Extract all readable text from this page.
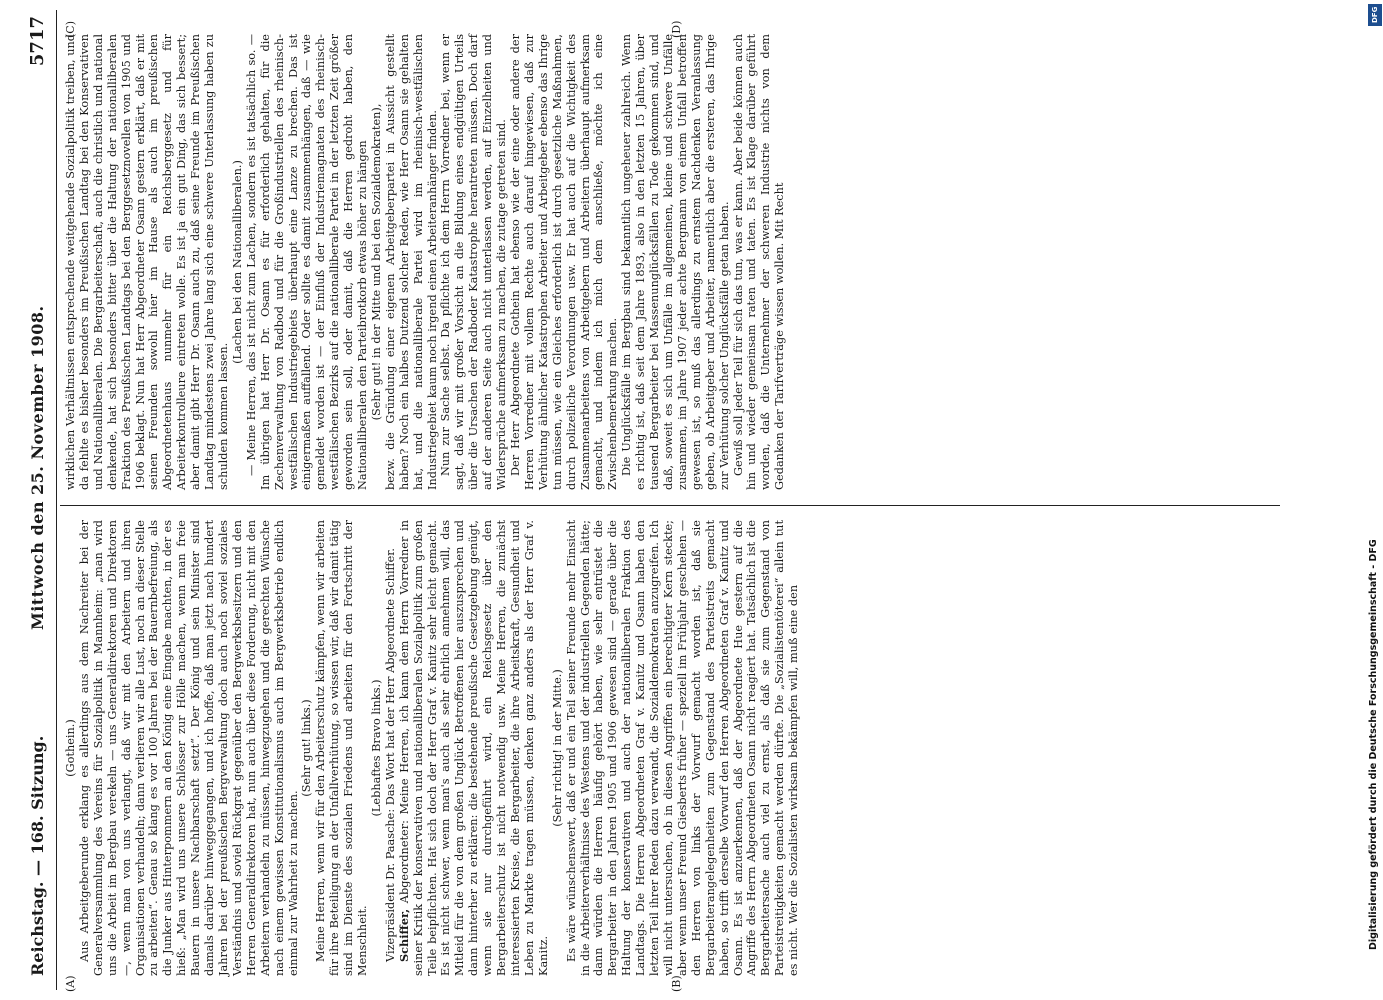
Reichstag. — 168. Sitzung.
Mittwoch den 25. November 1908.
5717
(A)	(B)
(C)	(D)

(Gothein.) Aus Arbeitgeberunde erklang es allerdings aus dem Nachreiter bei der Generalversammlung des Vereins für Sozialpolitik in Mannheim: „man wird uns die Arbeit im Bergbau verekeln — uns Generaldirektoren und Direktoren —, wenn man von uns verlangt, daß wir mit den Arbeitern und ihren Organisationen verhandeln; dann verlieren wir alle Lust, noch an dieser Stelle zu arbeiten“. Genau so klang es vor 100 Jahren bei der Bauernbefreiung, als die Junker aus Hinterpommern an den König eine Eingabe machten, in der es hieß: „Man wird uns unsere Schlösser zur Hölle machen, wenn man freie Bauern in unsere Nachbarschaft setzt“. Der König und sein Minister sind damals darüber hinweggegangen, und ich hoffe, daß man jetzt nach hundert Jahren bei der preußischen Bergverwaltung doch auch noch soviel soziales Verständnis und soviel Rückgrat gegenüber den Bergwerksbesitzern und den Herren Generaldirektoren hat, nun auch über diese Forderung, nicht mit den Arbeitern verhandeln zu müssen, hinwegzugehen und die gerechten Wünsche nach einem gewissen Konstitutionalismus auch im Bergwerksbetrieb endlich einmal zur Wahrheit zu machen.

(Sehr gut! links.) Meine Herren, wenn wir für den Arbeiterschutz kämpfen, wenn wir arbeiten für ihre Beteiligung an der Unfallverhütung, so wissen wir, daß wir damit tätig sind im Dienste des sozialen Friedens und arbeiten für den Fortschritt der Menschheit.

(Lebhaftes Bravo links.) Vizepräsident Dr. Paasche: Das Wort hat der Herr Abgeordnete Schiffer. Schiffer, Abgeordneter: Meine Herren, ich kann dem Herrn Vorredner in seiner Kritik der konservativen und nationalliberalen Sozialpolitik zum großen Teile beipflichten. Hat sich doch der Herr Graf v. Kanitz sehr leicht gemacht. Es ist nicht schwer, wenn man's auch als sehr ehrlich annehmen will, das Mitleid für die von dem großen Unglück Betroffenen hier auszusprechen und dann hinterher zu erklären: die bestehende preußische Gesetzgebung genügt, wenn sie nur durchgeführt wird, ein Reichsgesetz über den Bergarbeiterschutz ist nicht notwendig usw. Meine Herren, die zunächst interessierten Kreise, die Bergarbeiter, die ihre Arbeitskraft, Gesundheit und Leben zu Markte tragen müssen, denken ganz anders als der Herr Graf v. Kanitz.

(Sehr richtig! in der Mitte.) Es wäre wünschenswert, daß er und ein Teil seiner Freunde mehr Einsicht in die Arbeiterverhältnisse des Westens und der industriellen Gegenden hätte; dann würden die Herren häufig gehört haben, wie sehr entrüstet die Bergarbeiter in den Jahren 1905 und 1906 gewesen sind — gerade über die Haltung der konservativen und auch der nationalliberalen Fraktion des Landtags. Die Herren Abgeordneten Graf v. Kanitz und Osann haben den letzten Teil ihrer Reden dazu verwandt, die Sozialdemokraten anzugreifen. Ich will nicht untersuchen, ob in diesen Angriffen ein berechtigter Kern steckte; aber wenn unser Freund Giesberts früher — speziell im Frühjahr geschehen — den Herren von links der Vorwurf gemacht worden ist, daß sie Bergarbeiterangelegenheiten zum Gegenstand des Parteistreits gemacht haben, so trifft derselbe Vorwurf den Herren Abgeordneten Graf v. Kanitz und Osann. Es ist anzuerkennen, daß der Abgeordnete Hue gestern auf die Angriffe des Herrn Abgeordneten Osann nicht reagiert hat. Tatsächlich ist die Bergarbeitersache auch viel zu ernst, als daß sie zum Gegenstand von Parteistreitigkeiten gemacht werden dürfte. Die „Sozialistentöterei“ allein tut es nicht. Wer die Sozialisten wirksam bekämpfen will, muß eine den

wirklichen Verhältnissen entsprechende weitgehende Sozialpolitik treiben, und da fehlte es bisher besonders im Preußischen Landtag bei den Konservativen und Nationalliberalen. Die Bergarbeiterschaft, auch die christlich und national denkende, hat sich besonders bitter über die Haltung der nationalliberalen Fraktion des Preußischen Landtags bei den Berggesetznovellen von 1905 und 1906 beklagt. Nun hat Herr Abgeordneter Osann gestern erklärt, daß er mit seinen Freunden sowohl hier im Hause als auch im preußischen Abgeordnetenhaus nunmehr für ein Reichsberggesetz und für Arbeiterkontrolleure eintreten wolle. Es ist ja ein gut Ding, das sich bessert; aber damit gibt Herr Dr. Osann auch zu, daß seine Freunde im Preußischen Landtag mindestens zwei Jahre lang sich eine schwere Unterlassung haben zu schulden kommen lassen.

(Lachen bei den Nationalliberalen.) — Meine Herren, das ist nicht zum Lachen, sondern es ist tatsächlich so. — Im übrigen hat Herr Dr. Osann es für erforderlich gehalten, für die Zechenverwaltung von Radbod und für die Großindustriellen des rheinisch-westfälischen Industriegebiets überhaupt eine Lanze zu brechen. Das ist einigermaßen auffallend. Oder sollte es damit zusammenhängen, daß — wie gemeldet worden ist — der Einfluß der Industriemagnaten des rheinisch-westfälischen Bezirks auf die nationalliberale Partei in der letzten Zeit größer geworden sein soll, oder damit, daß die Herren gedroht haben, den Nationalliberalen den Parteibrotkorb etwas höher zu hängen (Sehr gut! in der Mitte und bei den Sozialdemokraten), bezw. die Gründung einer eigenen Arbeitgeberpartei in Aussicht gestellt haben? Noch ein halbes Dutzend solcher Reden, wie Herr Osann sie gehalten hat, und die nationalliberale Partei wird im rheinisch-westfälischen Industriegebiet kaum noch irgend einen Arbeiteranhänger finden. Nun zur Sache selbst. Da pflichte ich dem Herrn Vorredner bei, wenn er sagt, daß wir mit großer Vorsicht an die Bildung eines endgültigen Urteils über die Ursachen der Radboder Katastrophe herantreten müssen. Doch darf auf der anderen Seite auch nicht unterlassen werden, auf Einzelheiten und Widersprüche aufmerksam zu machen, die zutage getreten sind. Der Herr Abgeordnete Gothein hat ebenso wie der eine oder andere der Herren Vorredner mit vollem Rechte auch darauf hingewiesen, daß zur Verhütung ähnlicher Katastrophen Arbeiter und Arbeitgeber ebenso das Ihrige tun müssen, wie ein Gleiches erforderlich ist durch gesetzliche Maßnahmen, durch polizeiliche Verordnungen usw. Er hat auch auf die Wichtigkeit des Zusammenarbeitens von Arbeitgebern und Arbeitern überhaupt aufmerksam gemacht, und indem ich mich dem anschließe, möchte ich eine Zwischenbemerkung machen. Die Unglücksfälle im Bergbau sind bekanntlich ungeheuer zahlreich. Wenn es richtig ist, daß seit dem Jahre 1893, also in den letzten 15 Jahren, über tausend Bergarbeiter bei Massenunglücksfällen zu Tode gekommen sind, und daß, soweit es sich um Unfälle im allgemeinen, kleine und schwere Unfälle zusammen, im Jahre 1907 jeder achte Bergmann von einem Unfall betroffen gewesen ist, so muß das allerdings zu ernstem Nachdenken Veranlassung geben, ob Arbeitgeber und Arbeiter, namentlich aber die ersteren, das Ihrige zur Verhütung solcher Unglücksfälle getan haben. Gewiß soll jeder Teil für sich das tun, was er kann. Aber beide können auch hin und wieder gemeinsam raten und taten. Es ist Klage darüber geführt worden, daß die Unternehmer der schweren Industrie nichts von dem Gedanken der Tarifverträge wissen wollen. Mit Recht

DFG
Digitalisierung gefördert durch die Deutsche Forschungsgemeinschaft - DFG
